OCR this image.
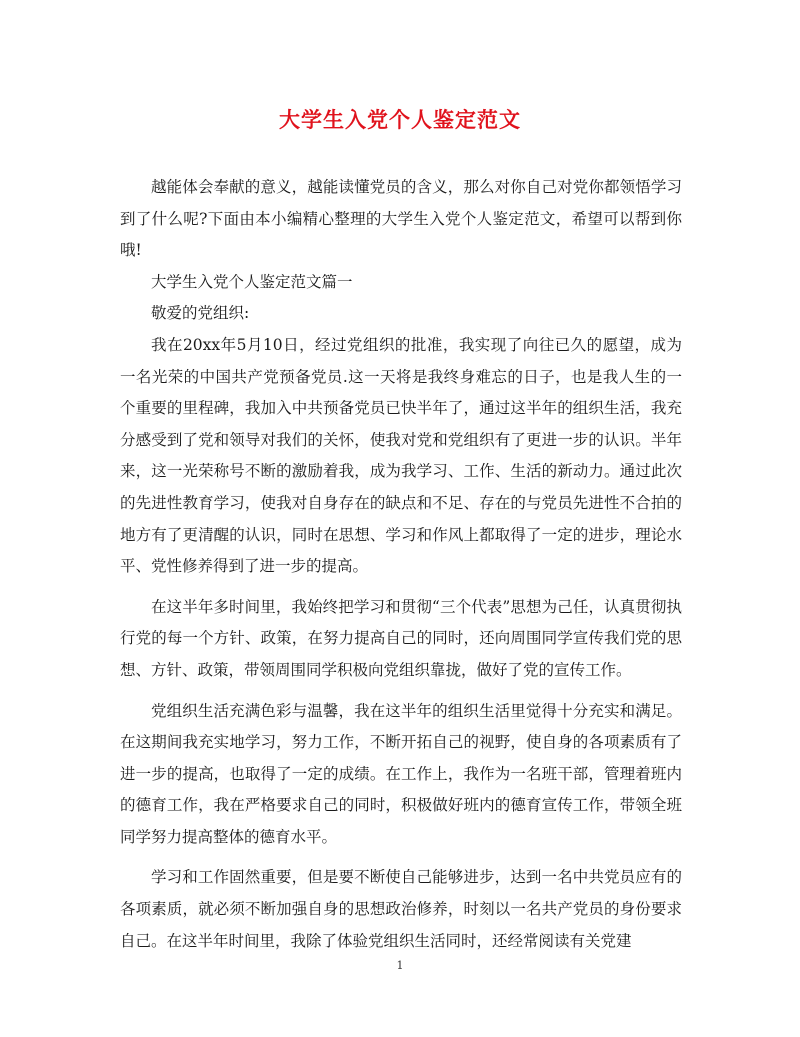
大学生入党个人鉴定范文

越能体会奉献的意义，越能读懂党员的含义，那么对你自己对党你都领悟学习到了什么呢?下面由本小编精心整理的大学生入党个人鉴定范文，希望可以帮到你哦!

大学生入党个人鉴定范文篇一

敬爱的党组织:

我在20xx年5月10日，经过党组织的批准，我实现了向往已久的愿望，成为一名光荣的中国共产党预备党员.这一天将是我终身难忘的日子，也是我人生的一个重要的里程碑，我加入中共预备党员已快半年了，通过这半年的组织生活，我充分感受到了党和领导对我们的关怀，使我对党和党组织有了更进一步的认识。半年来，这一光荣称号不断的激励着我，成为我学习、工作、生活的新动力。通过此次的先进性教育学习，使我对自身存在的缺点和不足、存在的与党员先进性不合拍的地方有了更清醒的认识，同时在思想、学习和作风上都取得了一定的进步，理论水平、党性修养得到了进一步的提高。

在这半年多时间里，我始终把学习和贯彻“三个代表”思想为己任，认真贯彻执行党的每一个方针、政策，在努力提高自己的同时，还向周围同学宣传我们党的思想、方针、政策，带领周围同学积极向党组织靠拢，做好了党的宣传工作。

党组织生活充满色彩与温馨，我在这半年的组织生活里觉得十分充实和满足。在这期间我充实地学习，努力工作，不断开拓自己的视野，使自身的各项素质有了进一步的提高，也取得了一定的成绩。在工作上，我作为一名班干部，管理着班内的德育工作，我在严格要求自己的同时，积极做好班内的德育宣传工作，带领全班同学努力提高整体的德育水平。

学习和工作固然重要，但是要不断使自己能够进步，达到一名中共党员应有的各项素质，就必须不断加强自身的思想政治修养，时刻以一名共产党员的身份要求自己。在这半年时间里，我除了体验党组织生活同时，还经常阅读有关党建

1
